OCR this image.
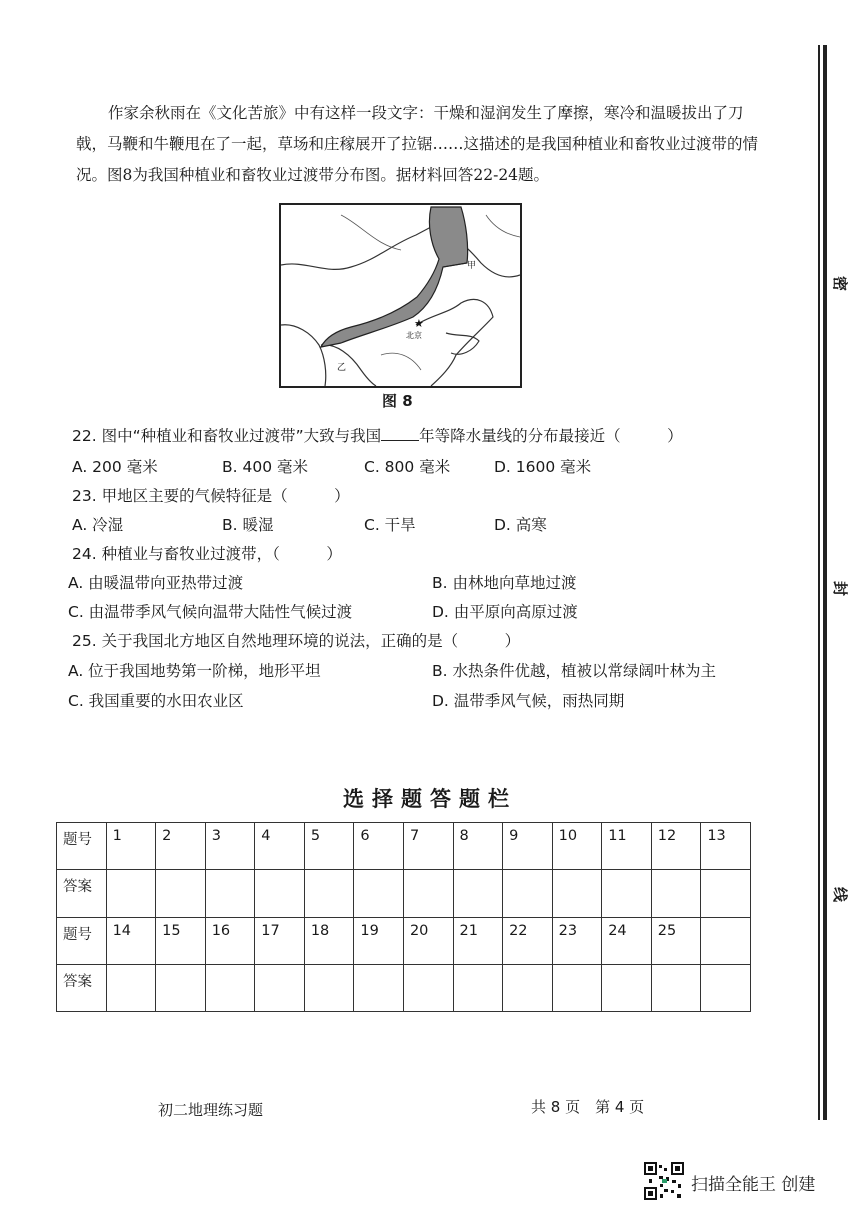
作家余秋雨在《文化苦旅》中有这样一段文字：干燥和湿润发生了摩擦，寒冷和温暖拔出了刀戟，马鞭和牛鞭甩在了一起，草场和庄稼展开了拉锯……这描述的是我国种植业和畜牧业过渡带的情况。图8为我国种植业和畜牧业过渡带分布图。据材料回答22-24题。
★
北京
甲
乙
图 8
22. 图中“种植业和畜牧业过渡带”大致与我国 年等降水量线的分布最接近（　　　）
A. 200 毫米	B. 400 毫米	C. 800 毫米	D. 1600 毫米
23. 甲地区主要的气候特征是（　　　）
A. 冷湿	B. 暖湿	C. 干旱	D. 高寒
24. 种植业与畜牧业过渡带，（　　　）
A. 由暖温带向亚热带过渡	B. 由林地向草地过渡
C. 由温带季风气候向温带大陆性气候过渡	D. 由平原向高原过渡
25. 关于我国北方地区自然地理环境的说法，正确的是（　　　）
A. 位于我国地势第一阶梯，地形平坦	B. 水热条件优越，植被以常绿阔叶林为主
C. 我国重要的水田农业区	D. 温带季风气候，雨热同期
选择题答题栏
题号	1	2	3	4	5	6	7	8	9	10	11	12	13
答案													
题号	14	15	16	17	18	19	20	21	22	23	24	25	
答案													
密
封
线
初二地理练习题	共 8 页　第 4 页
扫描全能王 创建
